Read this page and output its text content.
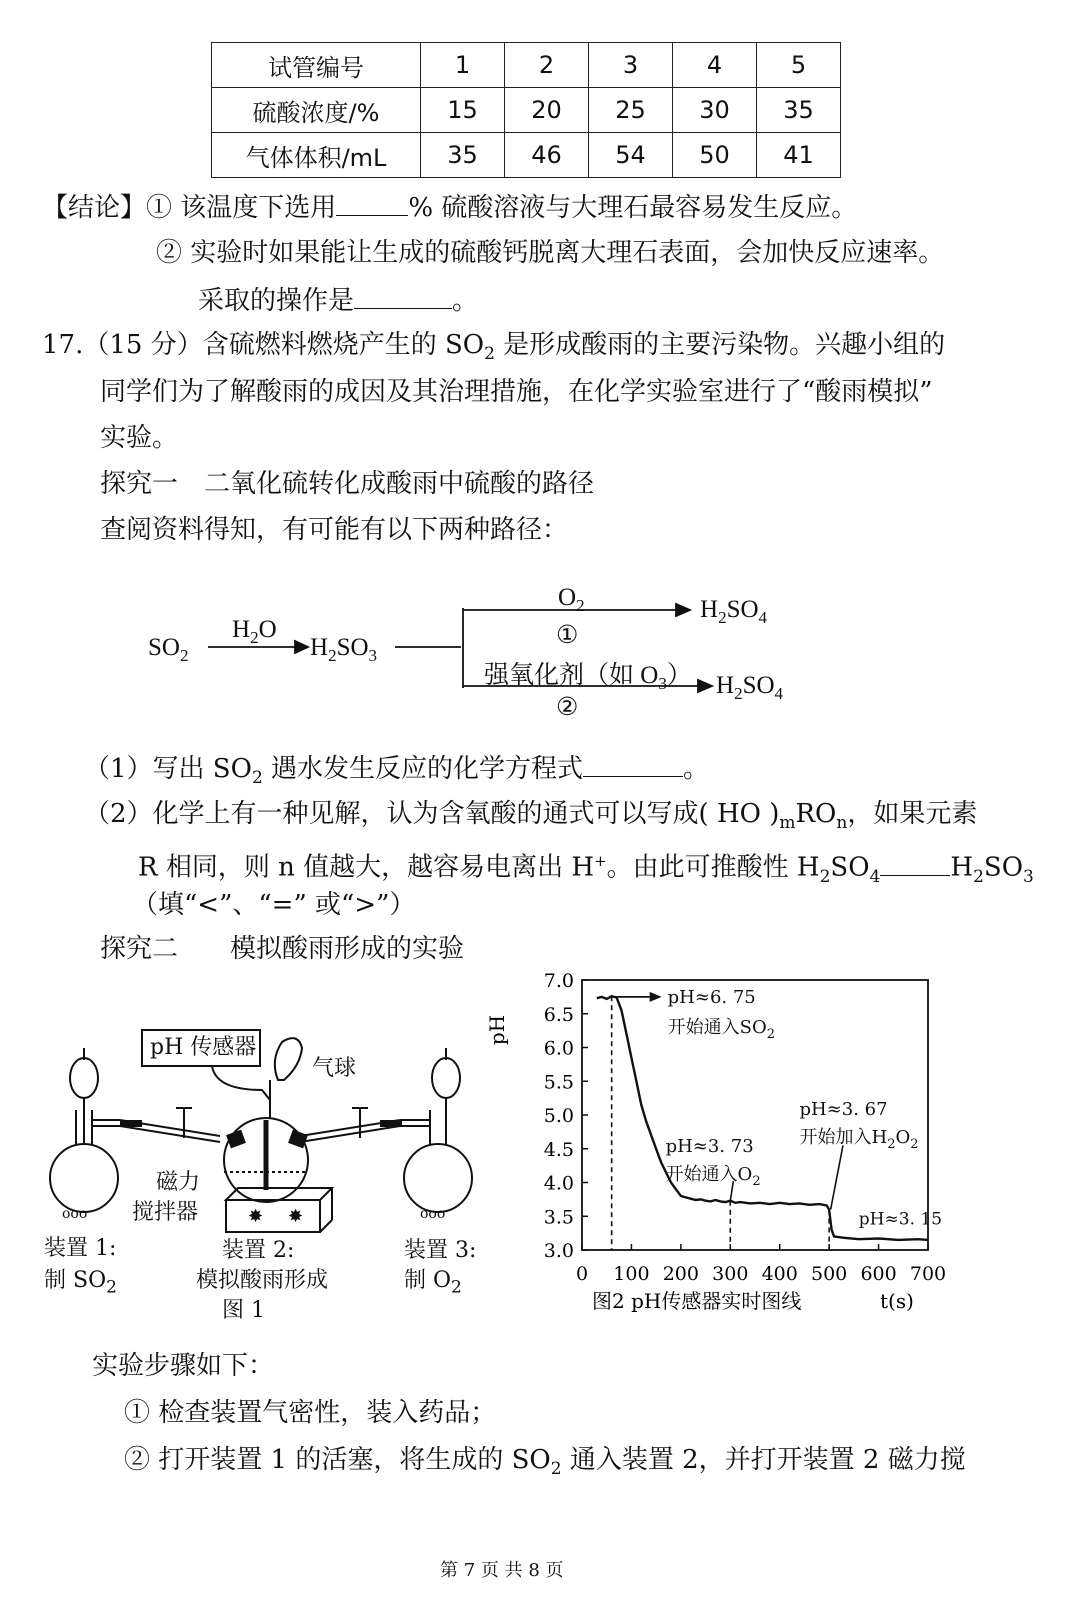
试管编号	1	2	3	4	5
硫酸浓度/%	15	20	25	30	35
气体体积/mL	35	46	54	50	41
【结论】① 该温度下选用	% 硫酸溶液与大理石最容易发生反应。
② 实验时如果能让生成的硫酸钙脱离大理石表面，会加快反应速率。
采取的操作是	。
17.（15 分）含硫燃料燃烧产生的 $SO_2$ 是形成酸雨的主要污染物。兴趣小组的
同学们为了解酸雨的成因及其治理措施，在化学实验室进行了“酸雨模拟”
实验。
探究一　二氧化硫转化成酸雨中硫酸的路径
查阅资料得知，有可能有以下两种路径：
$SO_2$
$H_2O$
$H_2SO_3$
$O_2$
①
$H_2SO_4$
强氧化剂（如 $O_3$）
②
$H_2SO_4$
（1）写出 $SO_2$ 遇水发生反应的化学方程式	。
（2）化学上有一种见解，认为含氧酸的通式可以写成( HO )$_mRO_n$，如果元素
R 相同，则 n 值越大，越容易电离出 H+。由此可推酸性 $H_2SO_4$	$H_2SO_3$
（填“<”、“=” 或“>”）
探究二　　模拟酸雨形成的实验
✸ ✸
ooo	ooo
pH 传感器
气球
磁力
搅拌器
装置 1:
制 $SO_2$
装置 2:
模拟酸雨形成
图 1
装置 3:
制 $O_2$
3.0
3.5
4.0
4.5
5.0
5.5
6.0
6.5
7.0
0 100 200 300 400 500 600 700
pH
t(s)
图2 pH传感器实时图线
pH≈6. 75
开始通入$SO_2$
pH≈3. 73
开始通入$O_2$
pH≈3. 67
开始加入$H_2O_2$
pH≈3. 15
实验步骤如下：
① 检查装置气密性，装入药品；
② 打开装置 1 的活塞，将生成的 $SO_2$ 通入装置 2，并打开装置 2 磁力搅
第 7 页 共 8 页
